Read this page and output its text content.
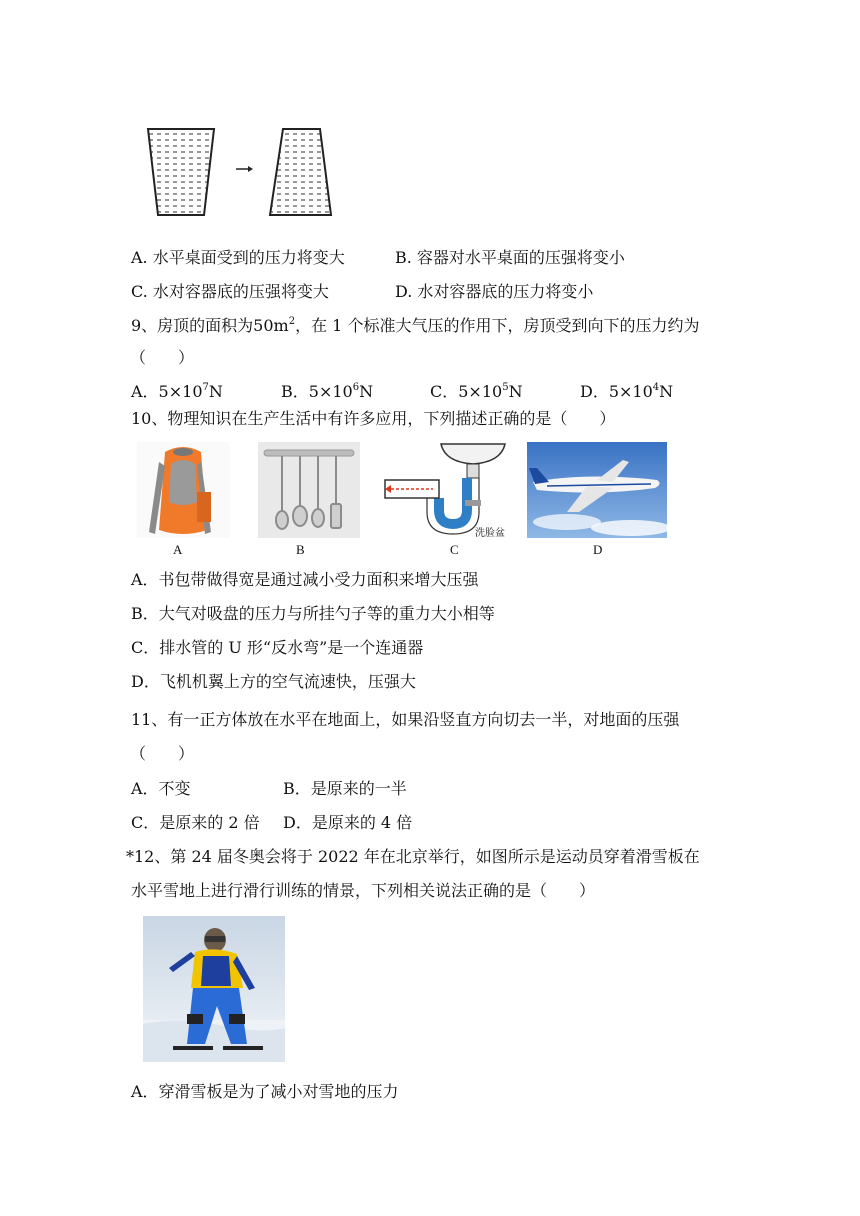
A. 水平桌面受到的压力将变大	B. 容器对水平桌面的压强将变小
C. 水对容器底的压强将变大	D. 水对容器底的压力将变小
9、房顶的面积为$50m^2$，在 1 个标准大气压的作用下，房顶受到向下的压力约为
（　　）
A．$5\times 10^7N$	B．$5\times 10^6N$	C．$5\times 10^5N$	D．$5\times 10^4N$
10、物理知识在生产生活中有许多应用，下列描述正确的是（　　）
洗脸盆
A	B	C	D
A．书包带做得宽是通过减小受力面积来增大压强
B．大气对吸盘的压力与所挂勺子等的重力大小相等
C．排水管的 U 形“反水弯”是一个连通器
D．飞机机翼上方的空气流速快，压强大
11、有一正方体放在水平在地面上，如果沿竖直方向切去一半，对地面的压强
（　　）
A．不变	B．是原来的一半
C．是原来的 2 倍 D．是原来的 4 倍
*12、第 24 届冬奥会将于 2022 年在北京举行，如图所示是运动员穿着滑雪板在
水平雪地上进行滑行训练的情景，下列相关说法正确的是（　　）
A．穿滑雪板是为了减小对雪地的压力
